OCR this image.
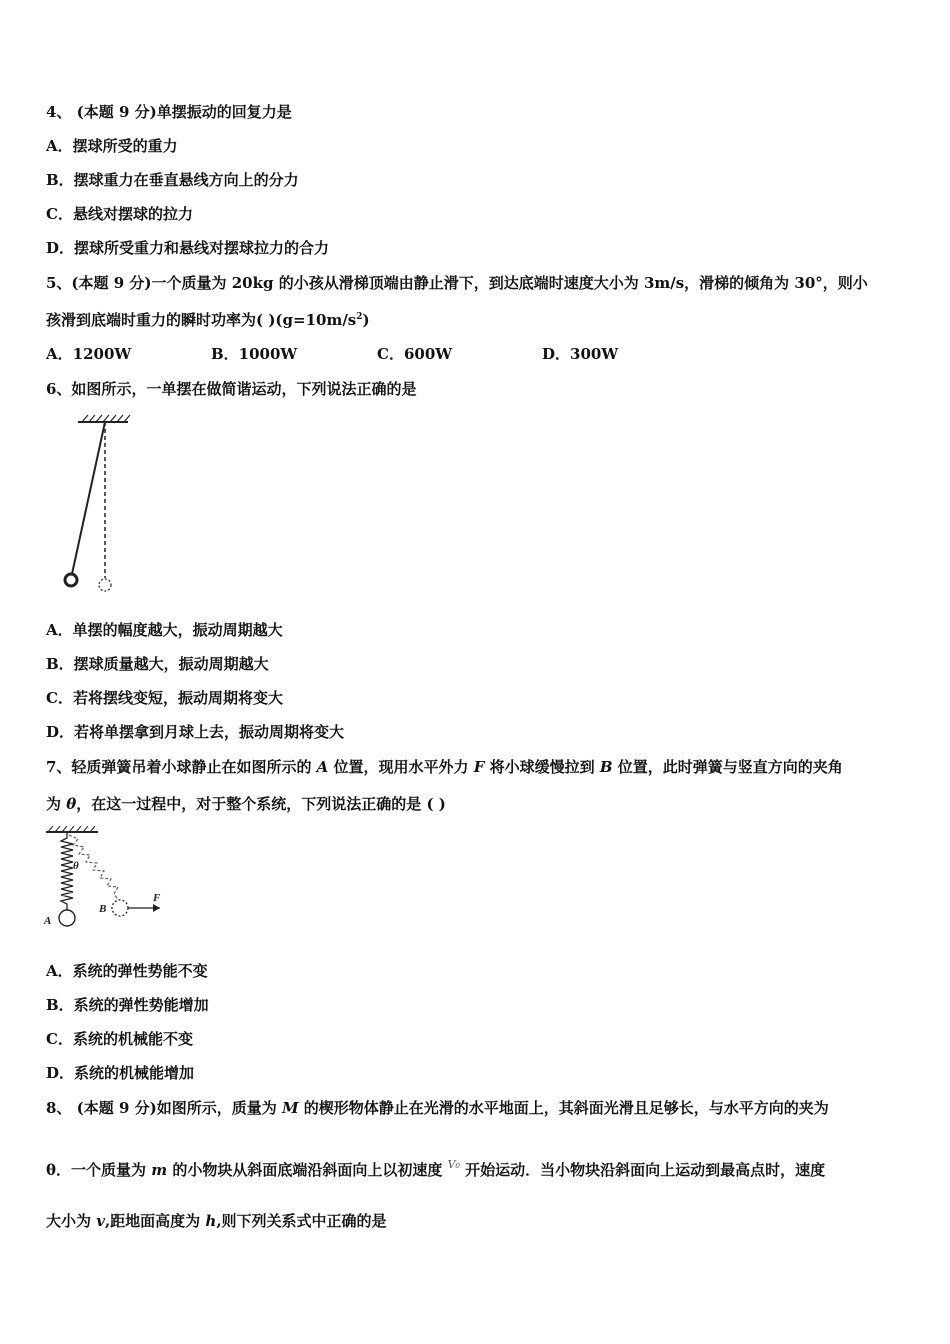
4、 (本题 9 分)单摆振动的回复力是
A．摆球所受的重力
B．摆球重力在垂直悬线方向上的分力
C．悬线对摆球的拉力
D．摆球所受重力和悬线对摆球拉力的合力
5、(本题 9 分)一个质量为 20kg 的小孩从滑梯顶端由静止滑下，到达底端时速度大小为 3m/s，滑梯的倾角为 30°，则小
孩滑到底端时重力的瞬时功率为( )$(g=10m/s^2)$
A．1200W	B．1000W	C．600W	D．300W
6、如图所示，一单摆在做简谐运动，下列说法正确的是
A．单摆的幅度越大，振动周期越大
B．摆球质量越大，振动周期越大
C．若将摆线变短，振动周期将变大
D．若将单摆拿到月球上去，振动周期将变大
7、轻质弹簧吊着小球静止在如图所示的 A 位置，现用水平外力 F 将小球缓慢拉到 B 位置，此时弹簧与竖直方向的夹角
为 θ，在这一过程中，对于整个系统，下列说法正确的是 ( )
θ
A
B
F
A．系统的弹性势能不变
B．系统的弹性势能增加
C．系统的机械能不变
D．系统的机械能增加
8、 (本题 9 分)如图所示，质量为 M 的楔形物体静止在光滑的水平地面上，其斜面光滑且足够长，与水平方向的夹为
θ．一个质量为 m 的小物块从斜面底端沿斜面向上以初速度 $^{V_0}$ 开始运动．当小物块沿斜面向上运动到最高点时，速度
大小为 v,距地面高度为 h,则下列关系式中正确的是
